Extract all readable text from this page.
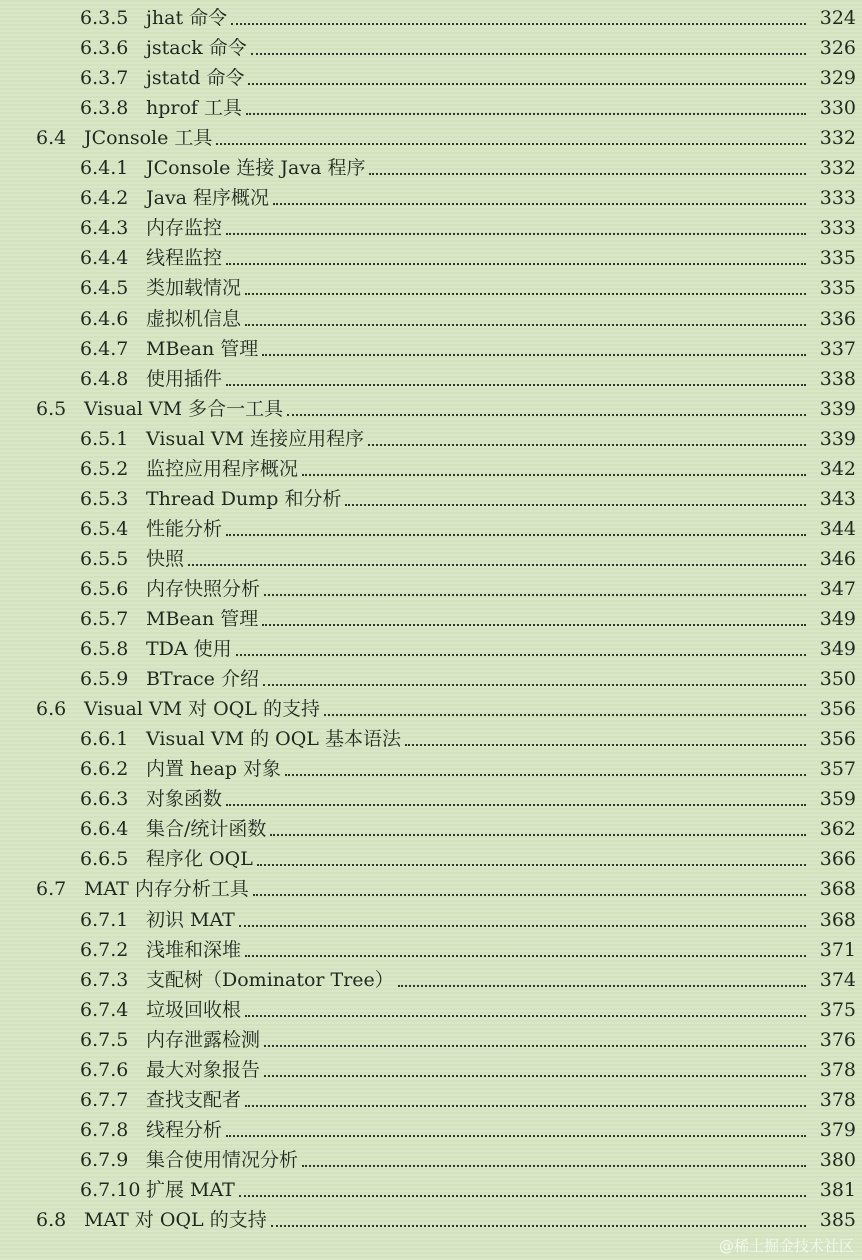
6.3.5 jhat 命令	324
6.3.6 jstack 命令	326
6.3.7 jstatd 命令	329
6.3.8 hprof 工具	330
6.4 JConsole 工具	332
6.4.1 JConsole 连接 Java 程序	332
6.4.2 Java 程序概况	333
6.4.3 内存监控	333
6.4.4 线程监控	335
6.4.5 类加载情况	335
6.4.6 虚拟机信息	336
6.4.7 MBean 管理	337
6.4.8 使用插件	338
6.5 Visual VM 多合一工具	339
6.5.1 Visual VM 连接应用程序	339
6.5.2 监控应用程序概况	342
6.5.3 Thread Dump 和分析	343
6.5.4 性能分析	344
6.5.5 快照	346
6.5.6 内存快照分析	347
6.5.7 MBean 管理	349
6.5.8 TDA 使用	349
6.5.9 BTrace 介绍	350
6.6 Visual VM 对 OQL 的支持	356
6.6.1 Visual VM 的 OQL 基本语法	356
6.6.2 内置 heap 对象	357
6.6.3 对象函数	359
6.6.4 集合/统计函数	362
6.6.5 程序化 OQL	366
6.7 MAT 内存分析工具	368
6.7.1 初识 MAT	368
6.7.2 浅堆和深堆	371
6.7.3 支配树（Dominator Tree）	374
6.7.4 垃圾回收根	375
6.7.5 内存泄露检测	376
6.7.6 最大对象报告	378
6.7.7 查找支配者	378
6.7.8 线程分析	379
6.7.9 集合使用情况分析	380
6.7.10 扩展 MAT	381
6.8 MAT 对 OQL 的支持	385
@稀土掘金技术社区
